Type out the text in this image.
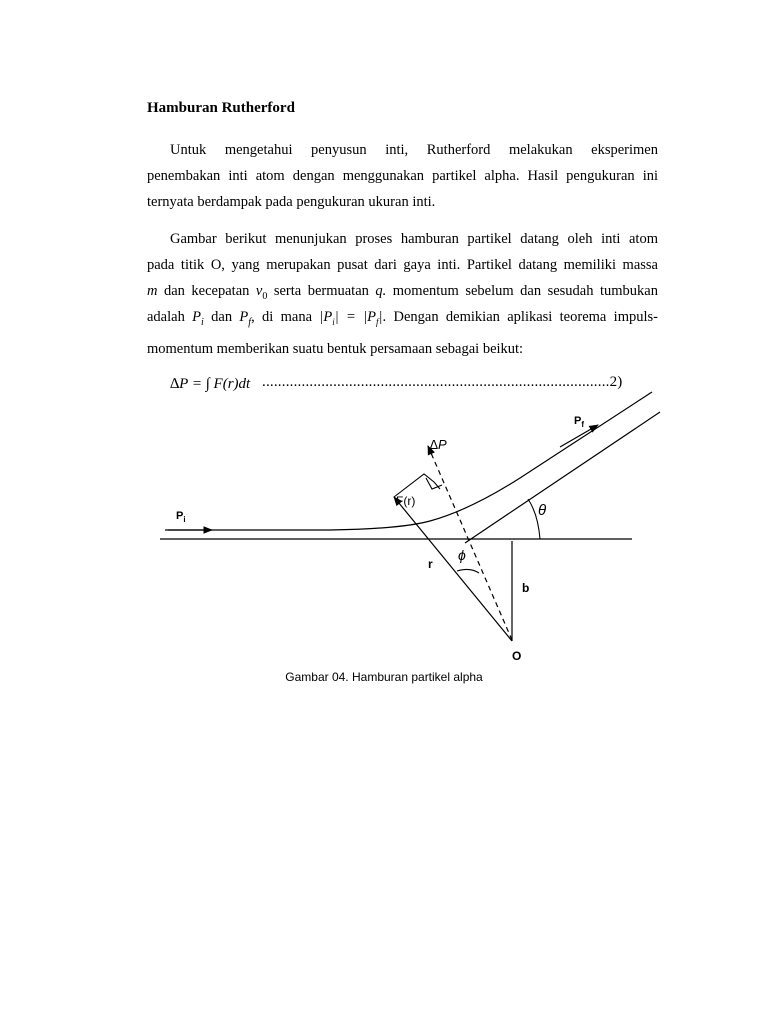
Hamburan Rutherford
Untuk mengetahui penyusun inti, Rutherford melakukan eksperimen
penembakan inti atom dengan menggunakan partikel alpha. Hasil pengukuran ini
ternyata berdampak pada pengukuran ukuran inti.
Gambar berikut menunjukan proses hamburan partikel datang oleh inti atom
pada titik O, yang merupakan pusat dari gaya inti. Partikel datang memiliki massa
m dan kecepatan $v_0$ serta bermuatan q. momentum sebelum dan sesudah tumbukan
adalah $P_i$ dan $P_f$, di mana $|P_i| = |P_f|$. Dengan demikian aplikasi teorema impuls-
momentum memberikan suatu bentuk persamaan sebagai beikut:
∆P = ∫ F(r)dt ........................................................................................2)
$P_f$
∆P
F(r)
$P_i$
θ
ϕ
r
b
O
Gambar 04. Hamburan partikel alpha
